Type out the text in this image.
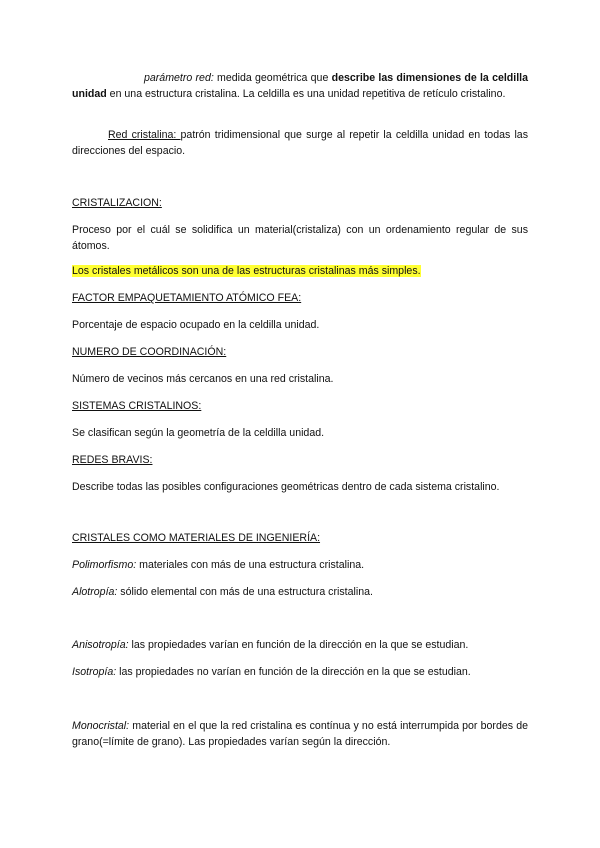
parámetro red: medida geométrica que describe las dimensiones de la celdilla unidad en una estructura cristalina. La celdilla es una unidad repetitiva de retículo cristalino.

Red cristalina: patrón tridimensional que surge al repetir la celdilla unidad en todas las direcciones del espacio.

CRISTALIZACION:

Proceso por el cuál se solidifica un material(cristaliza) con un ordenamiento regular de sus átomos.

Los cristales metálicos son una de las estructuras cristalinas más simples.

FACTOR EMPAQUETAMIENTO ATÓMICO FEA:

Porcentaje de espacio ocupado en la celdilla unidad.

NUMERO DE COORDINACIÓN:

Número de vecinos más cercanos en una red cristalina.

SISTEMAS CRISTALINOS:

Se clasifican según la geometría de la celdilla unidad.

REDES BRAVIS:

Describe todas las posibles configuraciones geométricas dentro de cada sistema cristalino.

CRISTALES COMO MATERIALES DE INGENIERÍA:

Polimorfismo: materiales con más de una estructura cristalina.

Alotropía: sólido elemental con más de una estructura cristalina.

Anisotropía: las propiedades varían en función de la dirección en la que se estudian.

Isotropía: las propiedades no varían en función de la dirección en la que se estudian.

Monocristal: material en el que la red cristalina es contínua y no está interrumpida por bordes de grano(=límite de grano). Las propiedades varían según la dirección.
